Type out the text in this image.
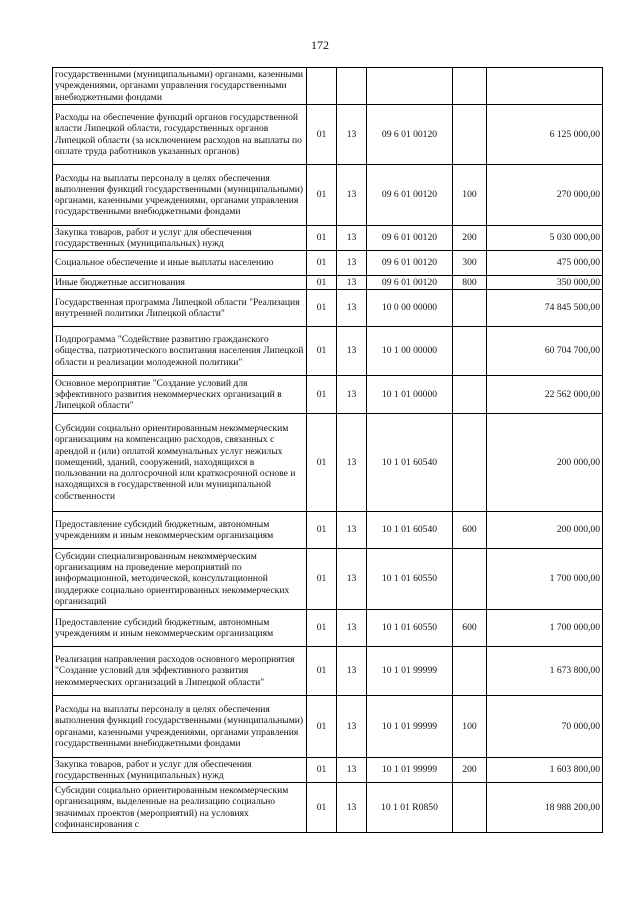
172
государственными (муниципальными) органами, казенными учреждениями, органами управления государственными внебюджетными фондами					
Расходы на обеспечение функций органов государственной власти Липецкой области, государственных органов Липецкой области (за исключением расходов на выплаты по оплате труда работников указанных органов)	01	13	09 6 01 00120		6 125 000,00
Расходы на выплаты персоналу в целях обеспечения выполнения функций государственными (муниципальными) органами, казенными учреждениями, органами управления государственными внебюджетными фондами	01	13	09 6 01 00120	100	270 000,00
Закупка товаров, работ и услуг для обеспечения государственных (муниципальных) нужд	01	13	09 6 01 00120	200	5 030 000,00
Социальное обеспечение и иные выплаты населению	01	13	09 6 01 00120	300	475 000,00
Иные бюджетные ассигнования	01	13	09 6 01 00120	800	350 000,00
Государственная программа Липецкой области "Реализация внутренней политики Липецкой области"	01	13	10 0 00 00000		74 845 500,00
Подпрограмма "Содействие развитию гражданского общества, патриотического воспитания населения Липецкой области и реализации молодежной политики"	01	13	10 1 00 00000		60 704 700,00
Основное мероприятие "Создание условий для эффективного развития некоммерческих организаций в Липецкой области"	01	13	10 1 01 00000		22 562 000,00
Субсидии социально ориентированным некоммерческим организациям на компенсацию расходов, связанных с арендой и (или) оплатой коммунальных услуг нежилых помещений, зданий, сооружений, находящихся в пользовании на долгосрочной или краткосрочной основе и находящихся в государственной или муниципальной собственности	01	13	10 1 01 60540		200 000,00
Предоставление субсидий бюджетным, автономным учреждениям и иным некоммерческим организациям	01	13	10 1 01 60540	600	200 000,00
Субсидии специализированным некоммерческим организациям на проведение мероприятий по информационной, методической, консультационной поддержке социально ориентированных некоммерческих организаций	01	13	10 1 01 60550		1 700 000,00
Предоставление субсидий бюджетным, автономным учреждениям и иным некоммерческим организациям	01	13	10 1 01 60550	600	1 700 000,00
Реализация направления расходов основного мероприятия "Создание условий для эффективного развития некоммерческих организаций в Липецкой области"	01	13	10 1 01 99999		1 673 800,00
Расходы на выплаты персоналу в целях обеспечения выполнения функций государственными (муниципальными) органами, казенными учреждениями, органами управления государственными внебюджетными фондами	01	13	10 1 01 99999	100	70 000,00
Закупка товаров, работ и услуг для обеспечения государственных (муниципальных) нужд	01	13	10 1 01 99999	200	1 603 800,00
Субсидии социально ориентированным некоммерческим организациям, выделенные на реализацию социально значимых проектов (мероприятий) на условиях софинансирования с	01	13	10 1 01 R0850		18 988 200,00
